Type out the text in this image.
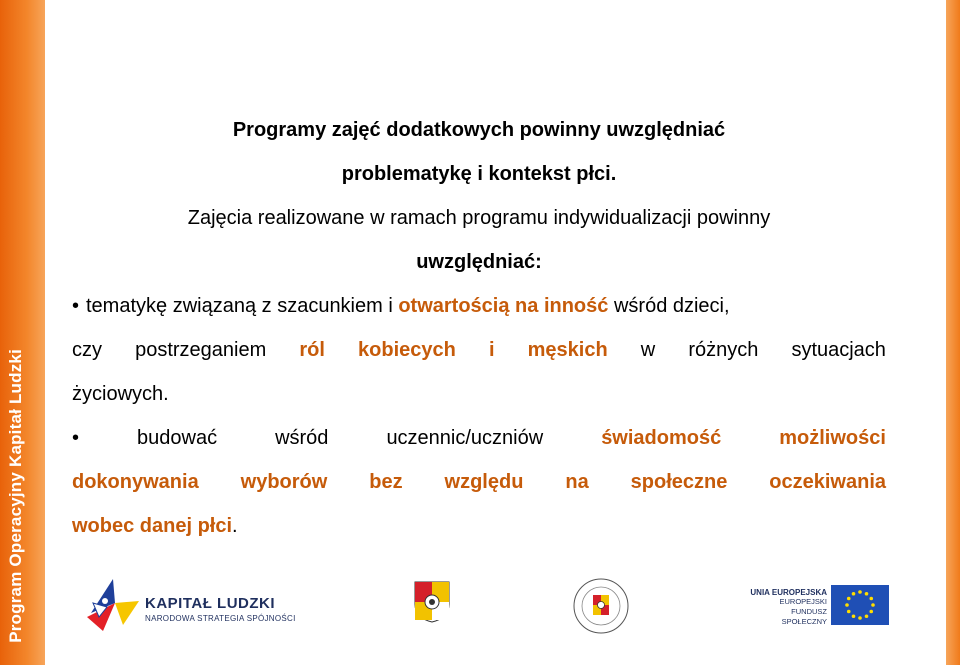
Program Operacyjny Kapitał Ludzki

Programy zajęć dodatkowych powinny uwzględniać

problematykę i kontekst płci.

Zajęcia realizowane w ramach programu indywidualizacji powinny

uwzględniać:

• tematykę związaną z szacunkiem i otwartością na inność wśród dzieci,
czy postrzeganiem ról kobiecych i męskich w różnych sytuacjach
życiowych.
•	budować	wśród	uczennic/uczniów	świadomość	możliwości
dokonywania wyborów bez względu na społeczne oczekiwania
wobec danej płci.
KAPITAŁ LUDZKI
NARODOWA STRATEGIA SPÓJNOŚCI
UNIA EUROPEJSKA
EUROPEJSKI
FUNDUSZ SPOŁECZNY
